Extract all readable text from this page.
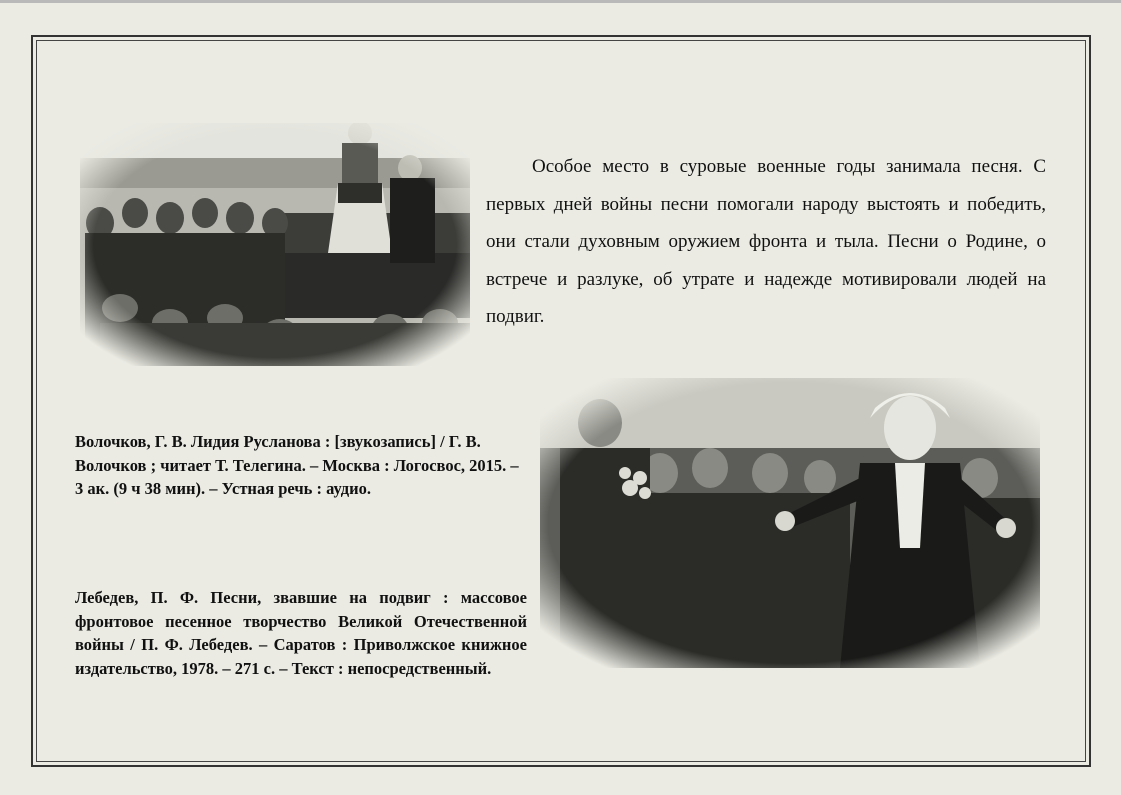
Особое место в суровые военные годы занимала песня. С первых дней войны песни помогали народу выстоять и победить, они стали духовным оружием фронта и тыла. Песни о Родине, о встрече и разлуке, об утрате и надежде мотивировали людей на подвиг.

Волочков, Г. В. Лидия Русланова : [звукозапись] / Г. В. Волочков ; читает Т. Телегина. – Москва : Логосвос, 2015. – 3 ак. (9 ч 38 мин). – Устная речь : аудио.

Лебедев, П. Ф. Песни, звавшие на подвиг : массовое фронтовое песенное творчество Великой Отечественной войны / П. Ф. Лебедев. – Саратов : Приволжское книжное издательство, 1978. – 271 с. – Текст : непосредственный.
